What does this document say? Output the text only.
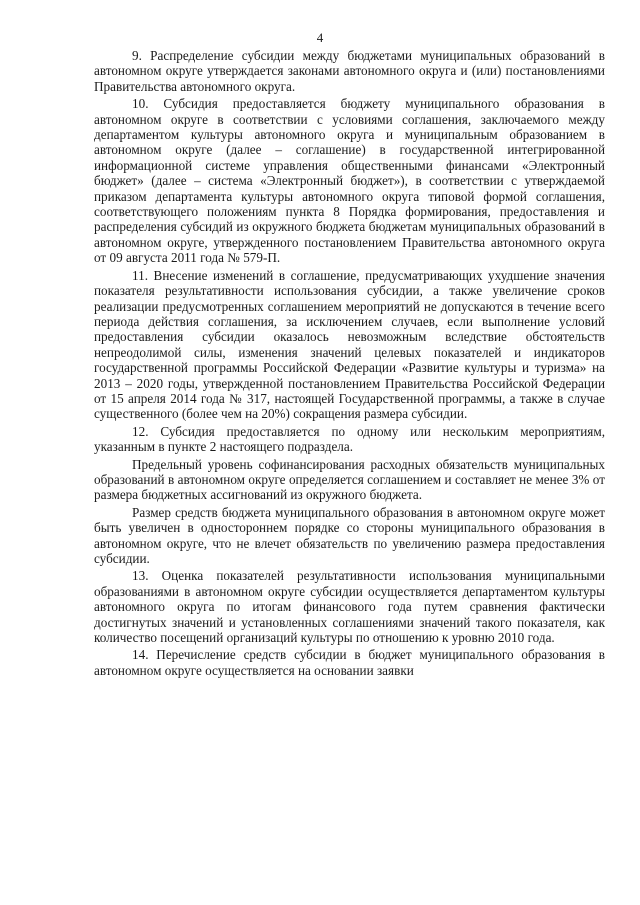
4

9. Распределение субсидии между бюджетами муниципальных образований в автономном округе утверждается законами автономного округа и (или) постановлениями Правительства автономного округа.

10. Субсидия предоставляется бюджету муниципального образования в автономном округе в соответствии с условиями соглашения, заключаемого между департаментом культуры автономного округа и муниципальным образованием в автономном округе (далее – соглашение) в государственной интегрированной информационной системе управления общественными финансами «Электронный бюджет» (далее – система «Электронный бюджет»), в соответствии с утверждаемой приказом департамента культуры автономного округа типовой формой соглашения, соответствующего положениям пункта 8 Порядка формирования, предоставления и распределения субсидий из окружного бюджета бюджетам муниципальных образований в автономном округе, утвержденного постановлением Правительства автономного округа от 09 августа 2011 года № 579-П.

11. Внесение изменений в соглашение, предусматривающих ухудшение значения показателя результативности использования субсидии, а также увеличение сроков реализации предусмотренных соглашением мероприятий не допускаются в течение всего периода действия соглашения, за исключением случаев, если выполнение условий предоставления субсидии оказалось невозможным вследствие обстоятельств непреодолимой силы, изменения значений целевых показателей и индикаторов государственной программы Российской Федерации «Развитие культуры и туризма» на 2013 – 2020 годы, утвержденной постановлением Правительства Российской Федерации от 15 апреля 2014 года № 317, настоящей Государственной программы, а также в случае существенного (более чем на 20%) сокращения размера субсидии.

12. Субсидия предоставляется по одному или нескольким мероприятиям, указанным в пункте 2 настоящего подраздела.

Предельный уровень софинансирования расходных обязательств муниципальных образований в автономном округе определяется соглашением и составляет не менее 3% от размера бюджетных ассигнований из окружного бюджета.

Размер средств бюджета муниципального образования в автономном округе может быть увеличен в одностороннем порядке со стороны муниципального образования в автономном округе, что не влечет обязательств по увеличению размера предоставления субсидии.

13. Оценка показателей результативности использования муниципальными образованиями в автономном округе субсидии осуществляется департаментом культуры автономного округа по итогам финансового года путем сравнения фактически достигнутых значений и установленных соглашениями значений такого показателя, как количество посещений организаций культуры по отношению к уровню 2010 года.

14. Перечисление средств субсидии в бюджет муниципального образования в автономном округе осуществляется на основании заявки
